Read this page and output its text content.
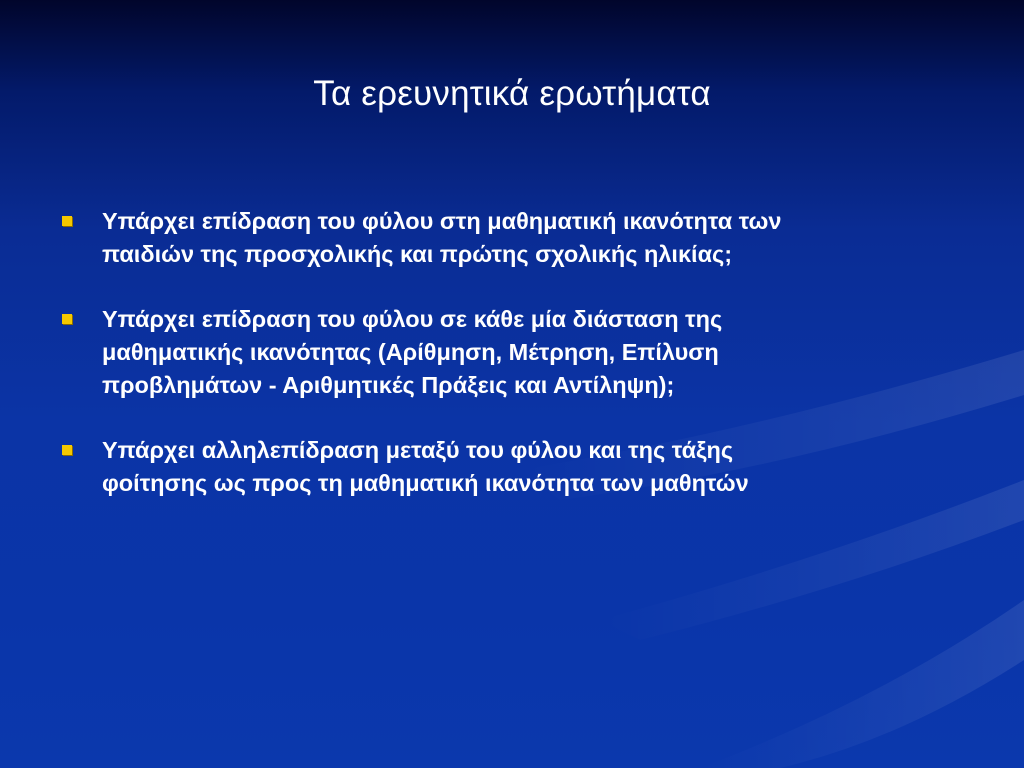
Τα ερευνητικά ερωτήματα
Υπάρχει επίδραση του φύλου στη μαθηματική ικανότητα των
παιδιών της προσχολικής και πρώτης σχολικής ηλικίας;
Υπάρχει επίδραση του φύλου σε κάθε μία διάσταση της
μαθηματικής ικανότητας (Αρίθμηση, Μέτρηση, Επίλυση
προβλημάτων - Αριθμητικές Πράξεις και Αντίληψη);
Υπάρχει αλληλεπίδραση μεταξύ του φύλου και της τάξης
φοίτησης ως προς τη μαθηματική ικανότητα των μαθητών
